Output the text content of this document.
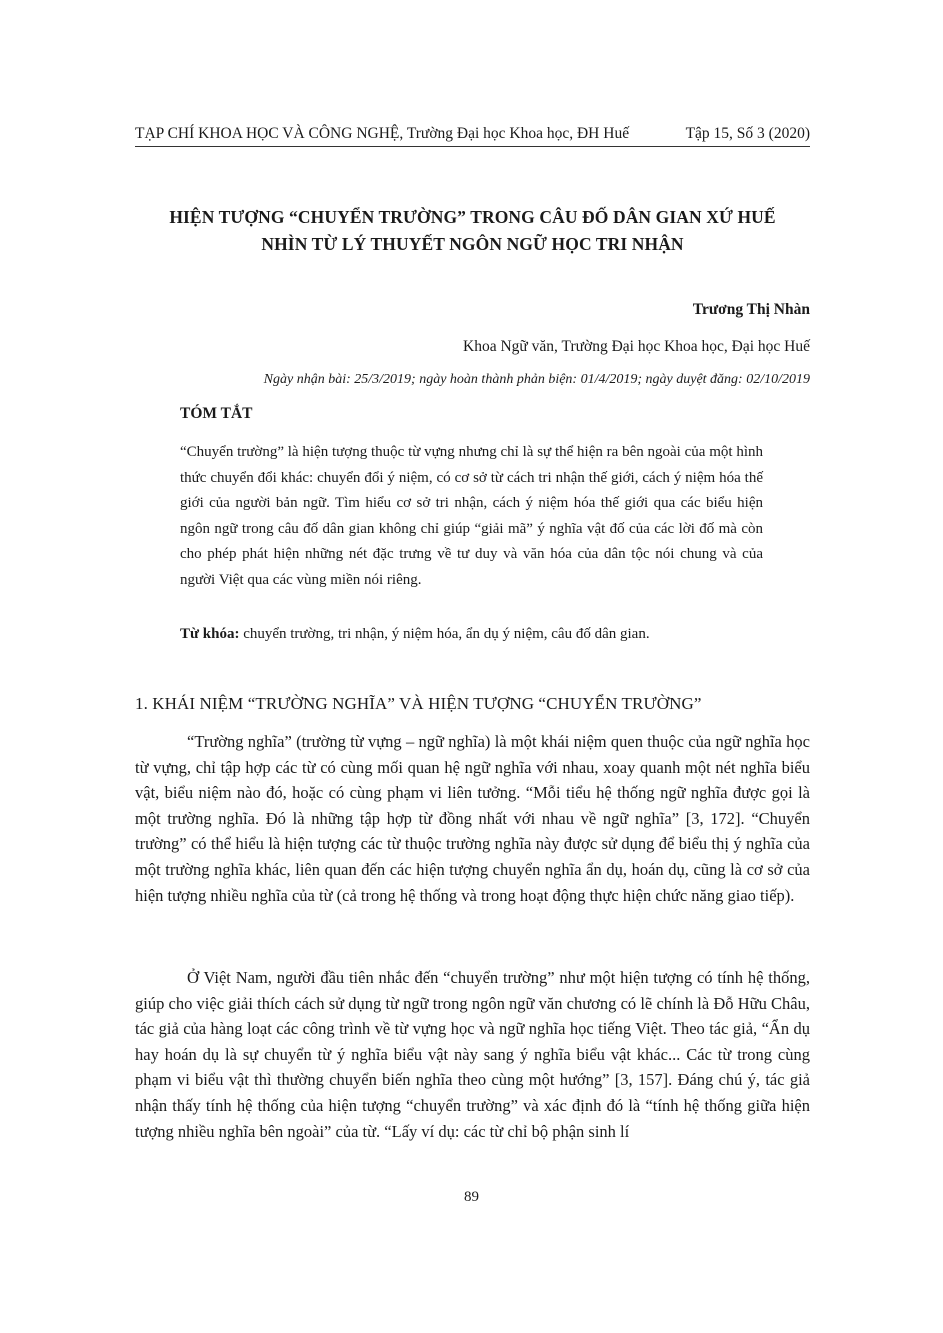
TẠP CHÍ KHOA HỌC VÀ CÔNG NGHỆ, Trường Đại học Khoa học, ĐH Huế	Tập 15, Số 3 (2020)
HIỆN TƯỢNG “CHUYỂN TRƯỜNG” TRONG CÂU ĐỐ DÂN GIAN XỨ HUẾ
NHÌN TỪ LÝ THUYẾT NGÔN NGỮ HỌC TRI NHẬN
Trương Thị Nhàn
Khoa Ngữ văn, Trường Đại học Khoa học, Đại học Huế
Ngày nhận bài: 25/3/2019; ngày hoàn thành phản biện: 01/4/2019; ngày duyệt đăng: 02/10/2019
TÓM TẮT
“Chuyển trường” là hiện tượng thuộc từ vựng nhưng chỉ là sự thể hiện ra bên ngoài của một hình thức chuyển đổi khác: chuyển đổi ý niệm, có cơ sở từ cách tri nhận thế giới, cách ý niệm hóa thế giới của người bản ngữ. Tìm hiểu cơ sở tri nhận, cách ý niệm hóa thế giới qua các biểu hiện ngôn ngữ trong câu đố dân gian không chỉ giúp “giải mã” ý nghĩa vật đố của các lời đố mà còn cho phép phát hiện những nét đặc trưng về tư duy và văn hóa của dân tộc nói chung và của người Việt qua các vùng miền nói riêng.
Từ khóa: chuyển trường, tri nhận, ý niệm hóa, ẩn dụ ý niệm, câu đố dân gian.
1. KHÁI NIỆM “TRƯỜNG NGHĨA” VÀ HIỆN TƯỢNG “CHUYỂN TRƯỜNG”

“Trường nghĩa” (trường từ vựng – ngữ nghĩa) là một khái niệm quen thuộc của ngữ nghĩa học từ vựng, chỉ tập hợp các từ có cùng mối quan hệ ngữ nghĩa với nhau, xoay quanh một nét nghĩa biểu vật, biểu niệm nào đó, hoặc có cùng phạm vi liên tưởng. “Mỗi tiểu hệ thống ngữ nghĩa được gọi là một trường nghĩa. Đó là những tập hợp từ đồng nhất với nhau về ngữ nghĩa” [3, 172]. “Chuyển trường” có thể hiểu là hiện tượng các từ thuộc trường nghĩa này được sử dụng để biểu thị ý nghĩa của một trường nghĩa khác, liên quan đến các hiện tượng chuyển nghĩa ẩn dụ, hoán dụ, cũng là cơ sở của hiện tượng nhiều nghĩa của từ (cả trong hệ thống và trong hoạt động thực hiện chức năng giao tiếp).

Ở Việt Nam, người đầu tiên nhắc đến “chuyển trường” như một hiện tượng có tính hệ thống, giúp cho việc giải thích cách sử dụng từ ngữ trong ngôn ngữ văn chương có lẽ chính là Đỗ Hữu Châu, tác giả của hàng loạt các công trình về từ vựng học và ngữ nghĩa học tiếng Việt. Theo tác giả, “Ẩn dụ hay hoán dụ là sự chuyển từ ý nghĩa biểu vật này sang ý nghĩa biểu vật khác... Các từ trong cùng phạm vi biểu vật thì thường chuyển biến nghĩa theo cùng một hướng” [3, 157]. Đáng chú ý, tác giả nhận thấy tính hệ thống của hiện tượng “chuyển trường” và xác định đó là “tính hệ thống giữa hiện tượng nhiều nghĩa bên ngoài” của từ. “Lấy ví dụ: các từ chỉ bộ phận sinh lí

89
